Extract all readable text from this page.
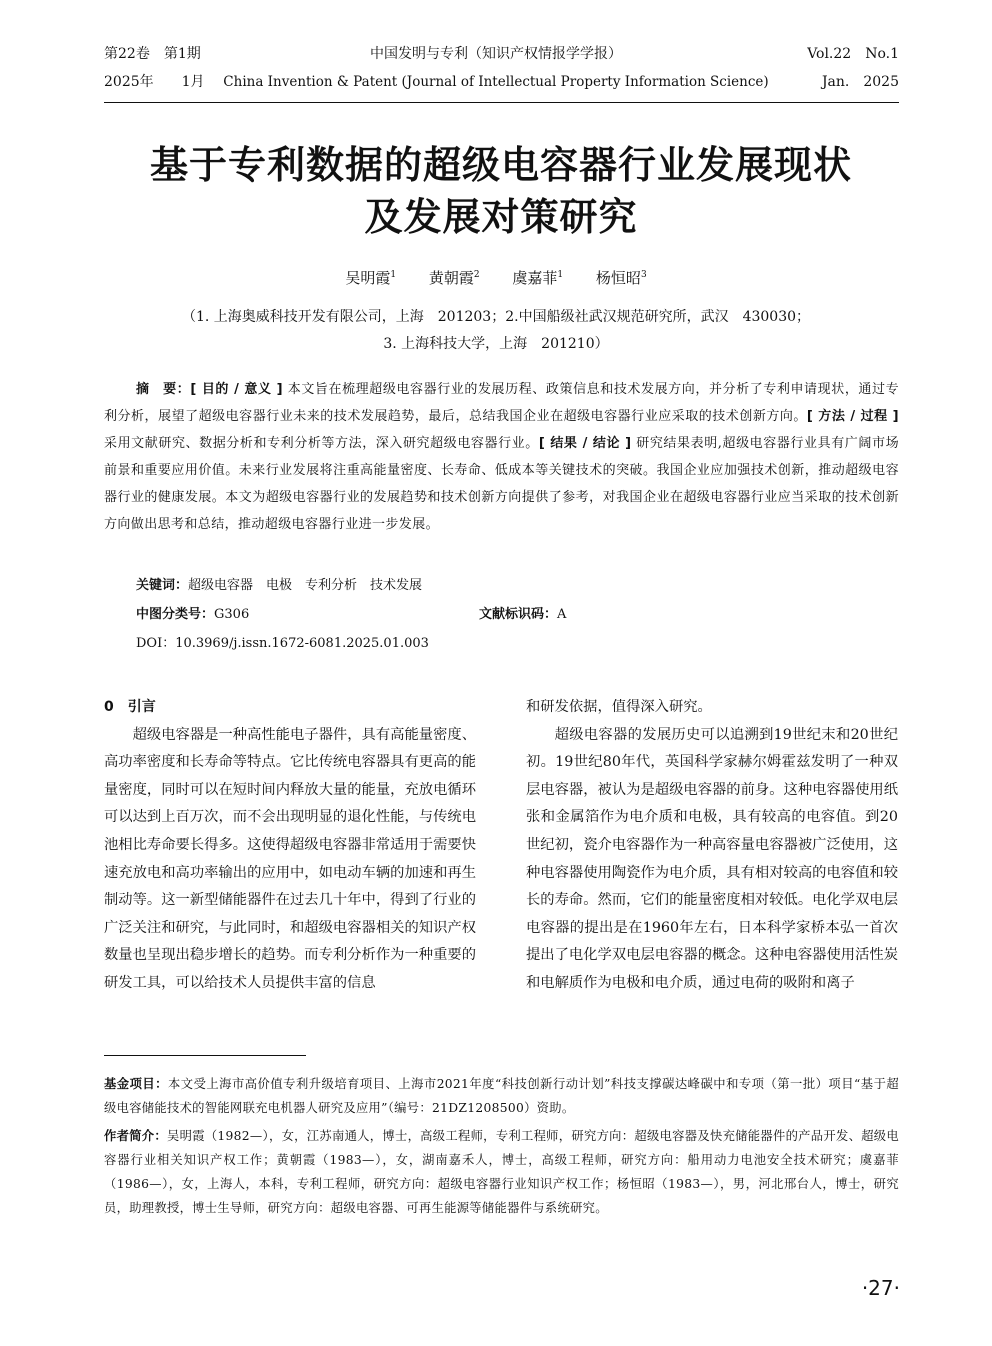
第22卷　第1期
2025年　　1月
中国发明与专利（知识产权情报学学报）
China Invention & Patent (Journal of Intellectual Property Information Science)
Vol.22　No.1
Jan.　2025
基于专利数据的超级电容器行业发展现状
及发展对策研究
吴明霞$^1$ 黄朝霞$^2$ 虞嘉菲$^1$ 杨恒昭$^3$
（1. 上海奥威科技开发有限公司，上海　201203；2.中国船级社武汉规范研究所，武汉　430030；
3. 上海科技大学，上海　201210）
摘　要：[ 目的 / 意义 ] 本文旨在梳理超级电容器行业的发展历程、政策信息和技术发展方向，并分析了专利申请现状，通过专利分析，展望了超级电容器行业未来的技术发展趋势，最后，总结我国企业在超级电容器行业应采取的技术创新方向。[ 方法 / 过程 ] 采用文献研究、数据分析和专利分析等方法，深入研究超级电容器行业。[ 结果 / 结论 ] 研究结果表明,超级电容器行业具有广阔市场前景和重要应用价值。未来行业发展将注重高能量密度、长寿命、低成本等关键技术的突破。我国企业应加强技术创新，推动超级电容器行业的健康发展。本文为超级电容器行业的发展趋势和技术创新方向提供了参考，对我国企业在超级电容器行业应当采取的技术创新方向做出思考和总结，推动超级电容器行业进一步发展。
关键词：超级电容器　电极　专利分析　技术发展
中图分类号：G306	文献标识码：A
DOI：10.3969/j.issn.1672-6081.2025.01.003
0　引言

超级电容器是一种高性能电子器件，具有高能量密度、高功率密度和长寿命等特点。它比传统电容器具有更高的能量密度，同时可以在短时间内释放大量的能量，充放电循环可以达到上百万次，而不会出现明显的退化性能，与传统电池相比寿命要长得多。这使得超级电容器非常适用于需要快速充放电和高功率输出的应用中，如电动车辆的加速和再生制动等。这一新型储能器件在过去几十年中，得到了行业的广泛关注和研究，与此同时，和超级电容器相关的知识产权数量也呈现出稳步增长的趋势。而专利分析作为一种重要的研发工具，可以给技术人员提供丰富的信息

和研发依据，值得深入研究。

超级电容器的发展历史可以追溯到19世纪末和20世纪初。19世纪80年代，英国科学家赫尔姆霍兹发明了一种双层电容器，被认为是超级电容器的前身。这种电容器使用纸张和金属箔作为电介质和电极，具有较高的电容值。到20世纪初，瓷介电容器作为一种高容量电容器被广泛使用，这种电容器使用陶瓷作为电介质，具有相对较高的电容值和较长的寿命。然而，它们的能量密度相对较低。电化学双电层电容器的提出是在1960年左右，日本科学家桥本弘一首次提出了电化学双电层电容器的概念。这种电容器使用活性炭和电解质作为电极和电介质，通过电荷的吸附和离子

基金项目：本文受上海市高价值专利升级培育项目、上海市2021年度“科技创新行动计划”科技支撑碳达峰碳中和专项（第一批）项目“基于超级电容储能技术的智能网联充电机器人研究及应用”（编号：21DZ1208500）资助。
作者简介：吴明霞（1982—），女，江苏南通人，博士，高级工程师，专利工程师，研究方向：超级电容器及快充储能器件的产品开发、超级电容器行业相关知识产权工作；黄朝霞（1983—），女，湖南嘉禾人，博士，高级工程师，研究方向：船用动力电池安全技术研究；虞嘉菲（1986—），女，上海人，本科，专利工程师，研究方向：超级电容器行业知识产权工作；杨恒昭（1983—），男，河北邢台人，博士，研究员，助理教授，博士生导师，研究方向：超级电容器、可再生能源等储能器件与系统研究。
·27·
